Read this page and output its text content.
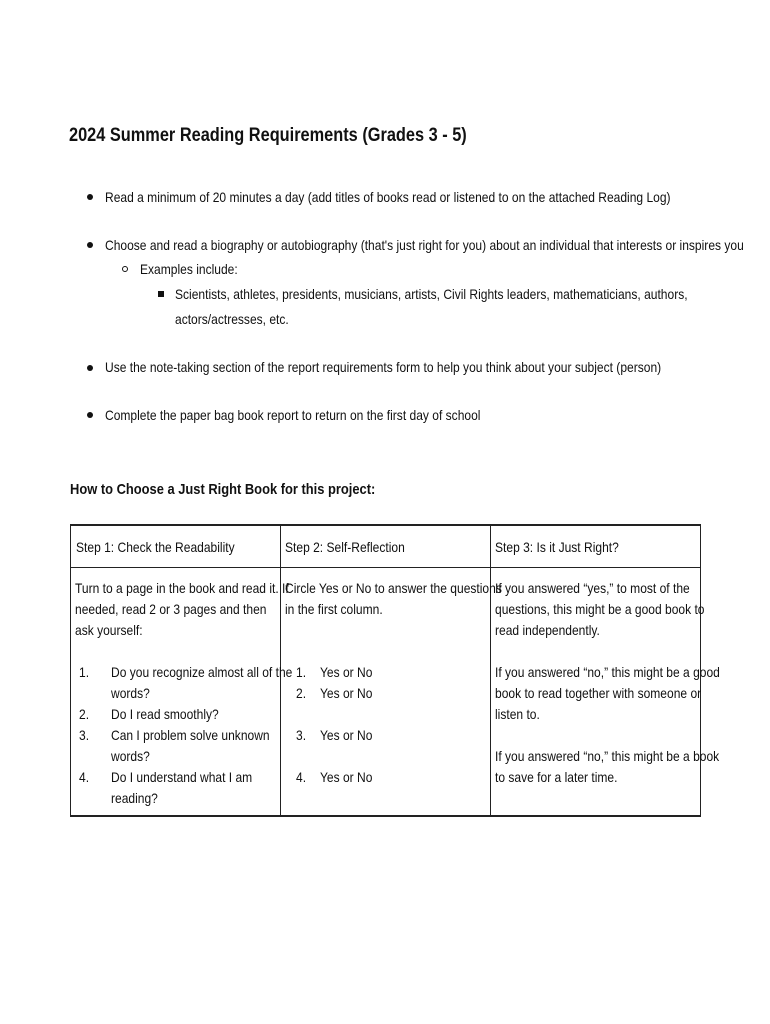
2024 Summer Reading Requirements (Grades 3 - 5)
Read a minimum of 20 minutes a day (add titles of books read or listened to on the attached Reading Log)
Choose and read a biography or autobiography (that's just right for you) about an individual that interests or inspires you
Examples include:
Scientists, athletes, presidents, musicians, artists, Civil Rights leaders, mathematicians, authors,
actors/actresses, etc.
Use the note-taking section of the report requirements form to help you think about your subject (person)
Complete the paper bag book report to return on the first day of school
How to Choose a Just Right Book for this project:
Step 1: Check the Readability	Step 2: Self-Reflection	Step 3: Is it Just Right?
Turn to a page in the book and read it. If
needed, read 2 or 3 pages and then
ask yourself:
1. Do you recognize almost all of the
words?
2. Do I read smoothly?
3. Can I problem solve unknown
words?
4. Do I understand what I am
reading?
Circle Yes or No to answer the questions
in the first column.
1. Yes or No
2. Yes or No
3. Yes or No
4. Yes or No
If you answered “yes,” to most of the
questions, this might be a good book to
read independently.
If you answered “no,” this might be a good
book to read together with someone or
listen to.
If you answered “no,” this might be a book
to save for a later time.
